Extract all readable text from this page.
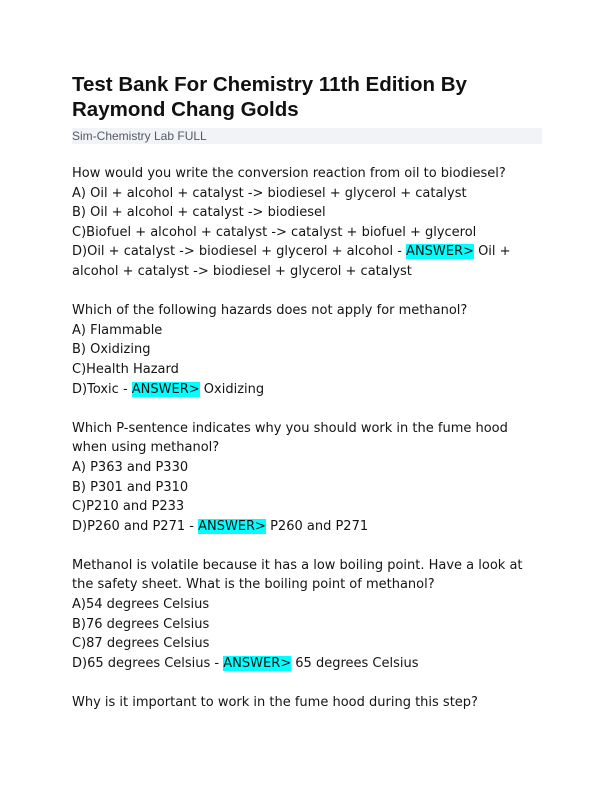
Test Bank For Chemistry 11th Edition By Raymond Chang Golds
Sim-Chemistry Lab FULL
How would you write the conversion reaction from oil to biodiesel?
A) Oil + alcohol + catalyst -> biodiesel + glycerol + catalyst
B) Oil + alcohol + catalyst -> biodiesel
C)Biofuel + alcohol + catalyst -> catalyst + biofuel + glycerol
D)Oil + catalyst -> biodiesel + glycerol + alcohol - ANSWER> Oil + alcohol + catalyst -> biodiesel + glycerol + catalyst
Which of the following hazards does not apply for methanol?
A) Flammable
B) Oxidizing
C)Health Hazard
D)Toxic - ANSWER> Oxidizing
Which P-sentence indicates why you should work in the fume hood when using methanol?
A) P363 and P330
B) P301 and P310
C)P210 and P233
D)P260 and P271 - ANSWER> P260 and P271
Methanol is volatile because it has a low boiling point. Have a look at the safety sheet. What is the boiling point of methanol?
A)54 degrees Celsius
B)76 degrees Celsius
C)87 degrees Celsius
D)65 degrees Celsius - ANSWER> 65 degrees Celsius
Why is it important to work in the fume hood during this step?
